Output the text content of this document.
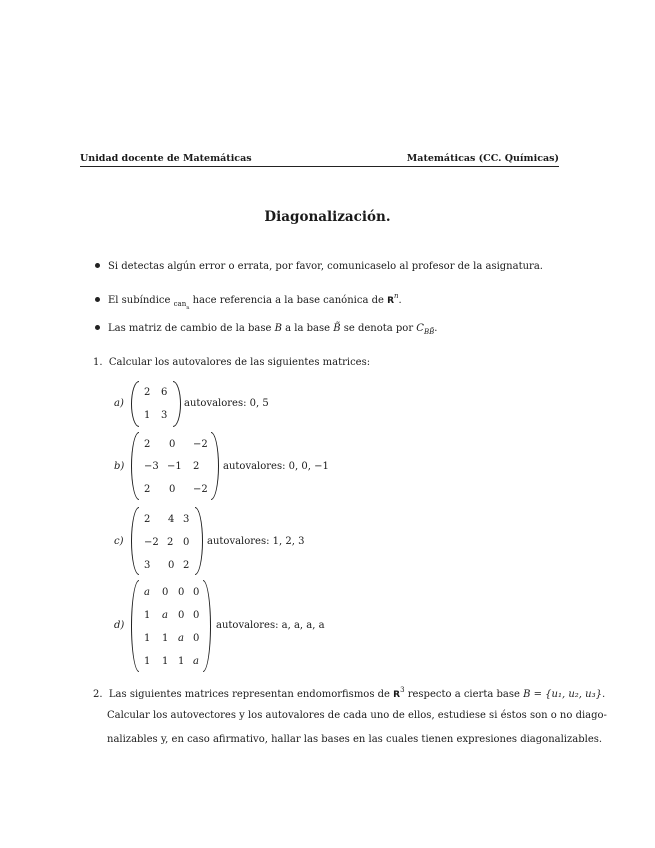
Unidad docente de Matemáticas	Matemáticas (CC. Químicas)
Diagonalización.
Si detectas algún error o errata, por favor, comunicaselo al profesor de la asignatura.
El subíndice $_{can_n}$ hace referencia a la base canónica de $R^n$.
Las matriz de cambio de la base B a la base B̃ se denota por $C_{BB̃}$.
1. Calcular los autovalores de las siguientes matrices:
a)
2 6
1 3
autovalores: 0, 5
b)
2 0 −2
−3 −1 2
2 0 −2
autovalores: 0, 0, −1
c)
2 4 3
−2 2 0
3 0 2
autovalores: 1, 2, 3
d)
a 0 0 0
1 a 0 0
1 1 a 0
1 1 1 a
autovalores: a, a, a, a
2. Las siguientes matrices representan endomorfismos de $R^3$ respecto a cierta base B = {u₁, u₂, u₃}.
Calcular los autovectores y los autovalores de cada uno de ellos, estudiese si éstos son o no diago-
nalizables y, en caso afirmativo, hallar las bases en las cuales tienen expresiones diagonalizables.
